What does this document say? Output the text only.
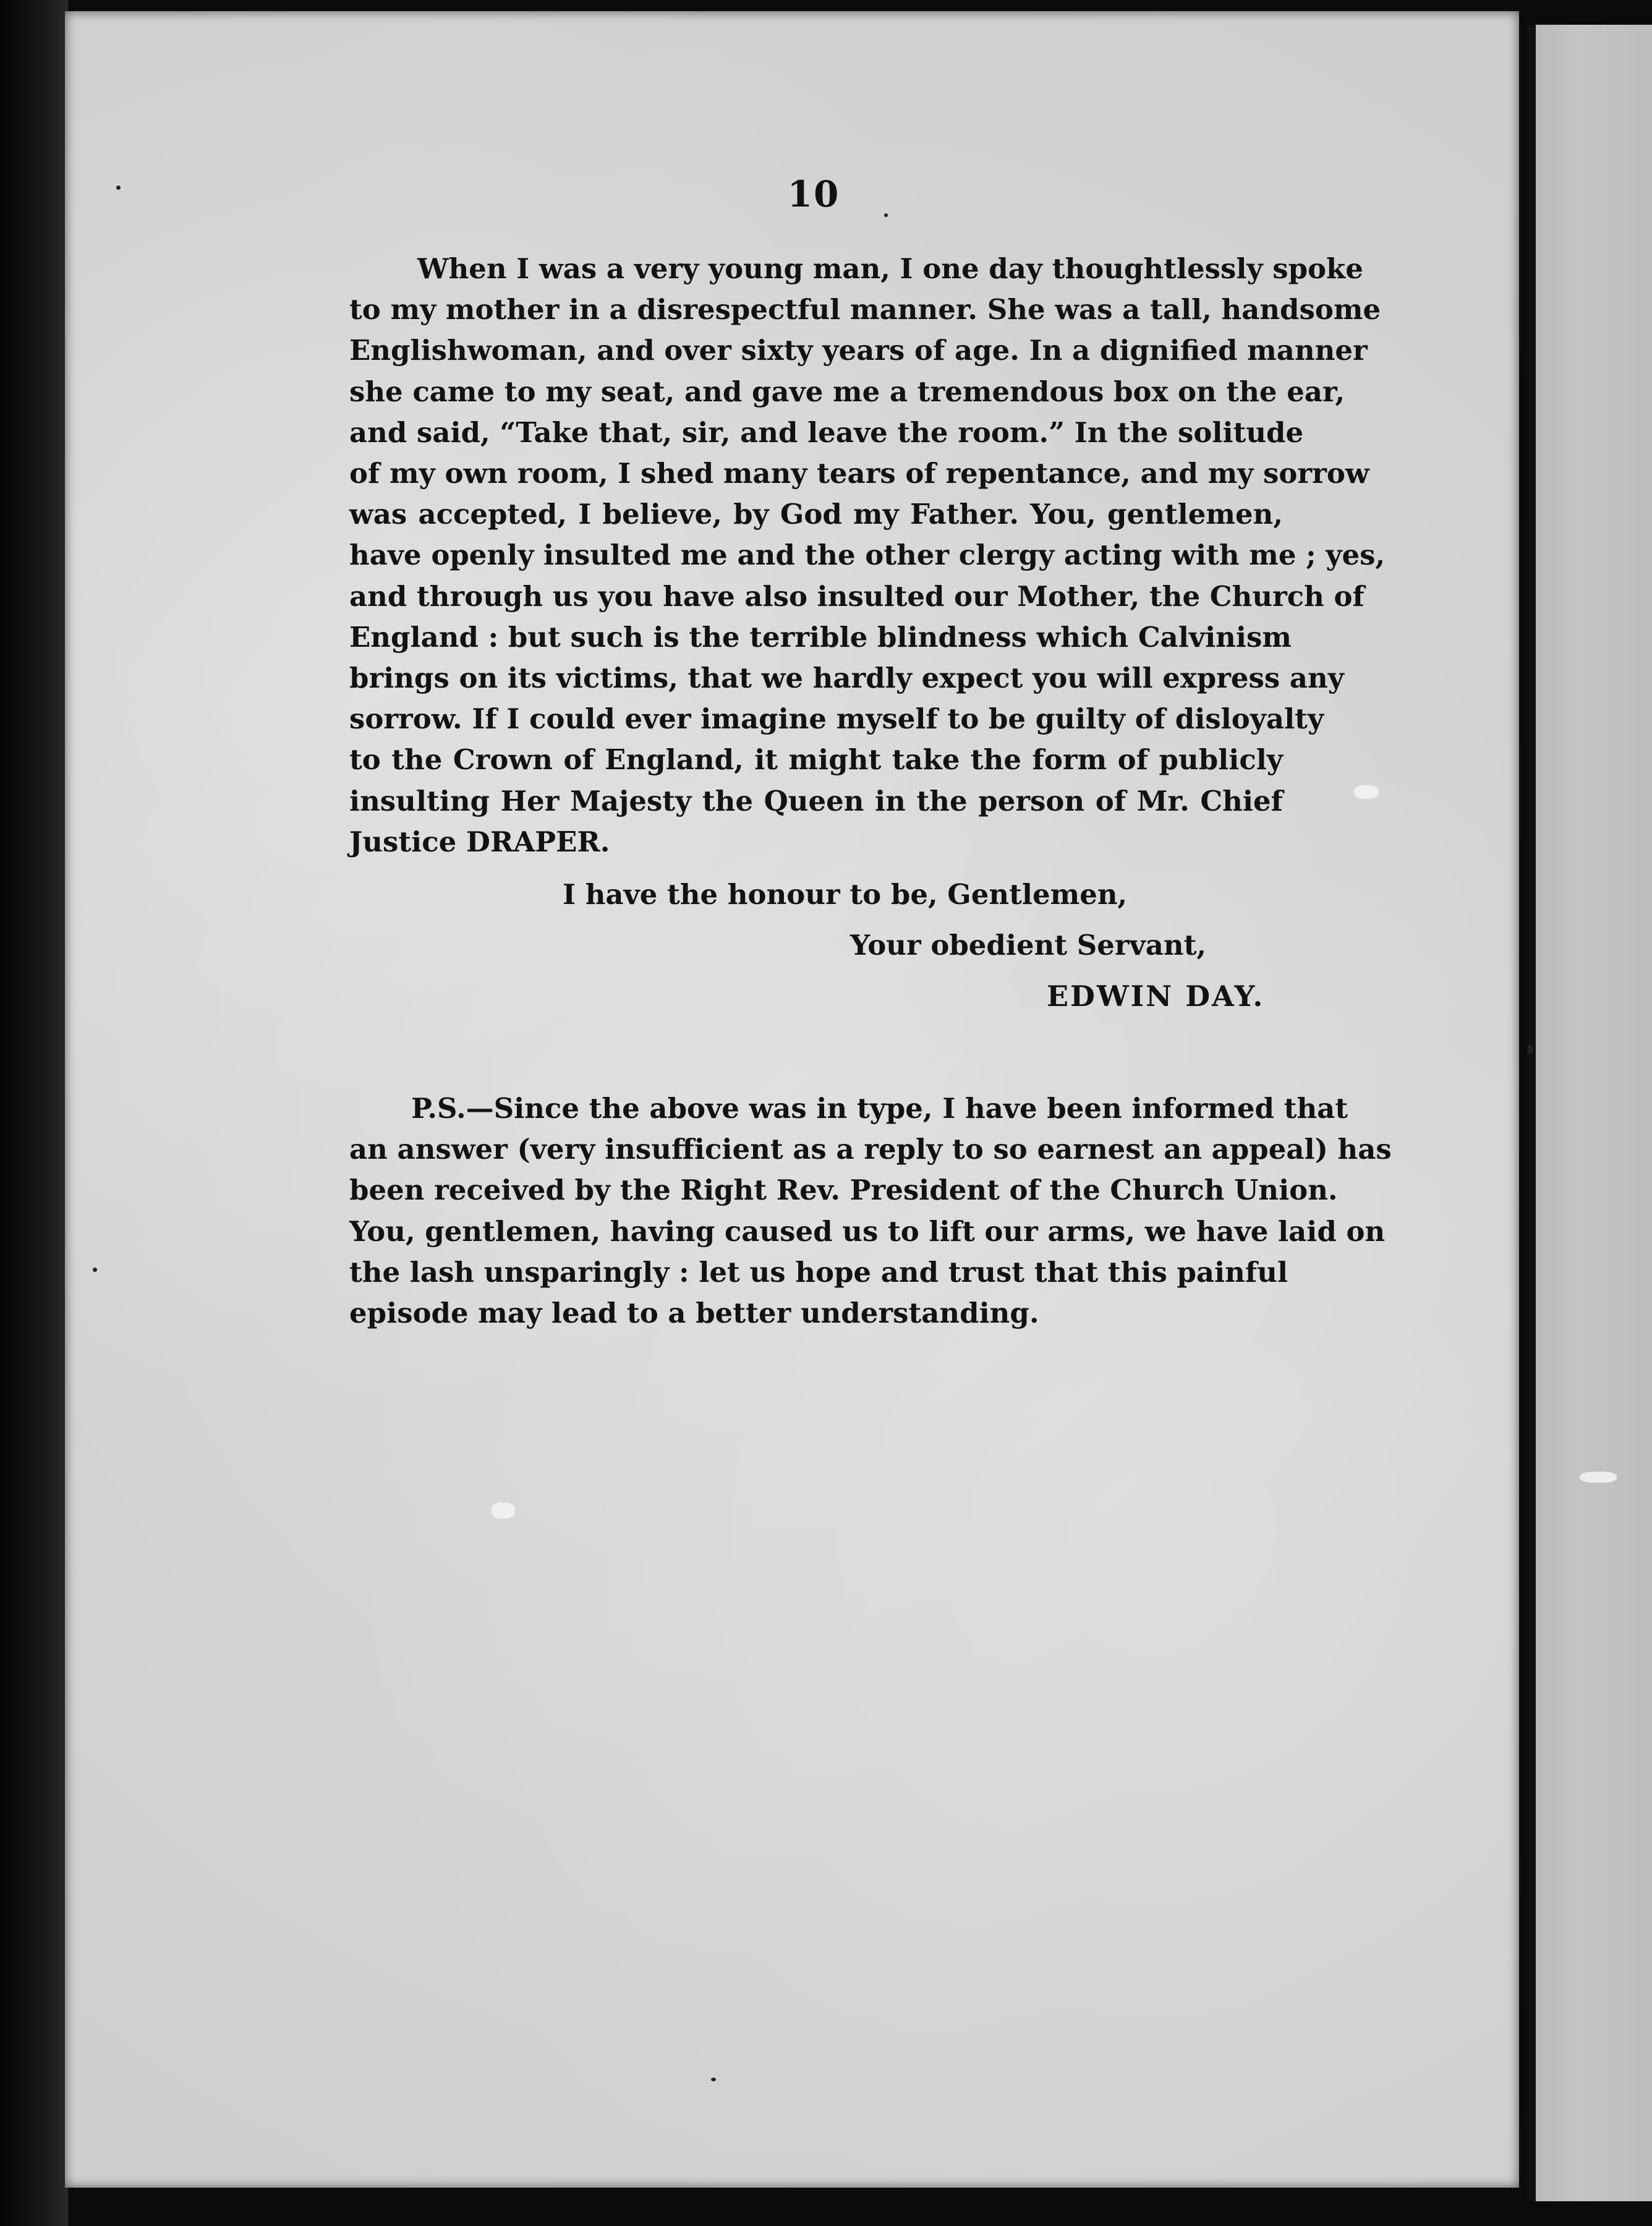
10
When I was a very young man, I one day thoughtlessly spoke
to my mother in a disrespectful manner. She was a tall, handsome
Englishwoman, and over sixty years of age. In a dignified manner
she came to my seat, and gave me a tremendous box on the ear,
and said, “Take that, sir, and leave the room.” In the solitude
of my own room, I shed many tears of repentance, and my sorrow
was accepted, I believe, by God my Father. You, gentlemen,
have openly insulted me and the other clergy acting with me ; yes,
and through us you have also insulted our Mother, the Church of
England : but such is the terrible blindness which Calvinism
brings on its victims, that we hardly expect you will express any
sorrow. If I could ever imagine myself to be guilty of disloyalty
to the Crown of England, it might take the form of publicly
insulting Her Majesty the Queen in the person of Mr. Chief
Justice DRAPER.
I have the honour to be, Gentlemen,
Your obedient Servant,
EDWIN DAY.
P.S.—Since the above was in type, I have been informed that
an answer (very insufficient as a reply to so earnest an appeal) has
been received by the Right Rev. President of the Church Union.
You, gentlemen, having caused us to lift our arms, we have laid on
the lash unsparingly : let us hope and trust that this painful
episode may lead to a better understanding.
